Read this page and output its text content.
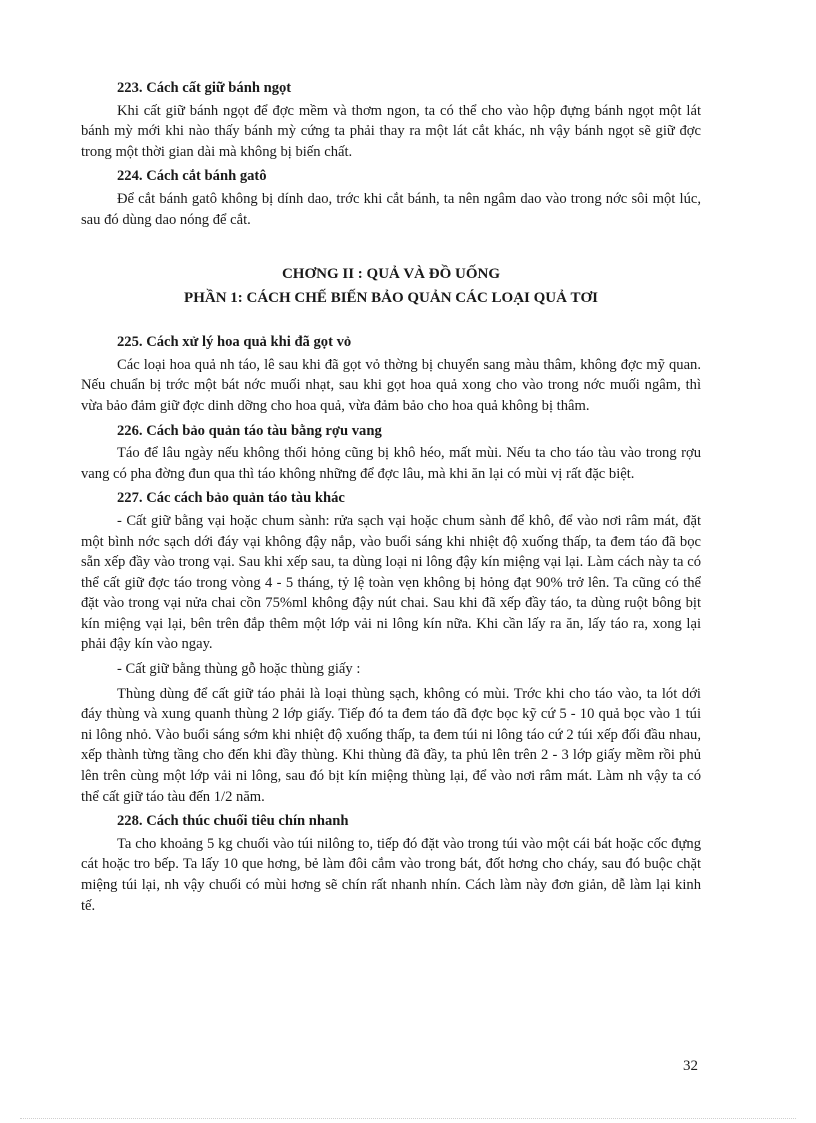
223. Cách cất giữ bánh ngọt
Khi cất giữ bánh ngọt để đợc mềm và thơm ngon, ta có thể cho vào hộp đựng bánh ngọt một lát bánh mỳ mới khi nào thấy bánh mỳ cứng ta phải thay ra một lát cắt khác, nh vậy bánh ngọt sẽ giữ đợc trong một thời gian dài mà không bị biến chất.
224. Cách cắt bánh gatô
Để cắt bánh gatô không bị dính dao, trớc khi cắt bánh, ta nên ngâm dao vào trong nớc sôi một lúc, sau đó dùng dao nóng để cắt.
CHƠNG II : QUẢ VÀ ĐỒ UỐNG
PHẦN 1: CÁCH CHẾ BIẾN BẢO QUẢN CÁC LOẠI QUẢ TƠI
225. Cách xử lý hoa quả khi đã gọt vỏ
Các loại hoa quả nh táo, lê sau khi đã gọt vỏ thờng bị chuyển sang màu thâm, không đợc mỹ quan. Nếu chuẩn bị trớc một bát nớc muối nhạt, sau khi gọt hoa quả xong cho vào trong nớc muối ngâm, thì vừa bảo đảm giữ đợc dinh dỡng cho hoa quả, vừa đảm bảo cho hoa quả không bị thâm.
226. Cách bảo quản táo tàu bằng rợu vang
Táo để lâu ngày nếu không thối hỏng cũng bị khô héo, mất mùi. Nếu ta cho táo tàu vào trong rợu vang có pha đờng đun qua thì táo không những để đợc lâu, mà khi ăn lại có mùi vị rất đặc biệt.
227. Các cách bảo quản táo tàu khác
- Cất giữ bằng vại hoặc chum sành: rửa sạch vại hoặc chum sành để khô, để vào nơi râm mát, đặt một bình nớc sạch dới đáy vại không đậy nắp, vào buổi sáng khi nhiệt độ xuống thấp, ta đem táo đã bọc sẵn xếp đầy vào trong vại. Sau khi xếp sau, ta dùng loại ni lông đậy kín miệng vại lại. Làm cách này ta có thể cất giữ đợc táo trong vòng 4 - 5 tháng, tỷ lệ toàn vẹn không bị hỏng đạt 90% trở lên. Ta cũng có thể đặt vào trong vại nửa chai cồn 75%ml không đậy nút chai. Sau khi đã xếp đầy táo, ta dùng ruột bông bịt kín miệng vại lại, bên trên đắp thêm một lớp vải ni lông kín nữa. Khi cần lấy ra ăn, lấy táo ra, xong lại phải đậy kín vào ngay.
- Cất giữ bằng thùng gỗ hoặc thùng giấy :
Thùng dùng để cất giữ táo phải là loại thùng sạch, không có mùi. Trớc khi cho táo vào, ta lót dới đáy thùng và xung quanh thùng 2 lớp giấy. Tiếp đó ta đem táo đã đợc bọc kỹ cứ 5 - 10 quả bọc vào 1 túi ni lông nhỏ. Vào buổi sáng sớm khi nhiệt độ xuống thấp, ta đem túi ni lông táo cứ 2 túi xếp đối đầu nhau, xếp thành từng tầng cho đến khi đầy thùng. Khi thùng đã đầy, ta phủ lên trên 2 - 3 lớp giấy mềm rồi phủ lên trên cùng một lớp vải ni lông, sau đó bịt kín miệng thùng lại, để vào nơi râm mát. Làm nh vậy ta có thể cất giữ táo tàu đến 1/2 năm.
228. Cách thúc chuối tiêu chín nhanh
Ta cho khoảng 5 kg chuối vào túi nilông to, tiếp đó đặt vào trong túi vào một cái bát hoặc cốc đựng cát hoặc tro bếp. Ta lấy 10 que hơng, bẻ làm đôi cắm vào trong bát, đốt hơng cho cháy, sau đó buộc chặt miệng túi lại, nh vậy chuối có mùi hơng sẽ chín rất nhanh nhín. Cách làm này đơn giản, dễ làm lại kinh tế.
32
